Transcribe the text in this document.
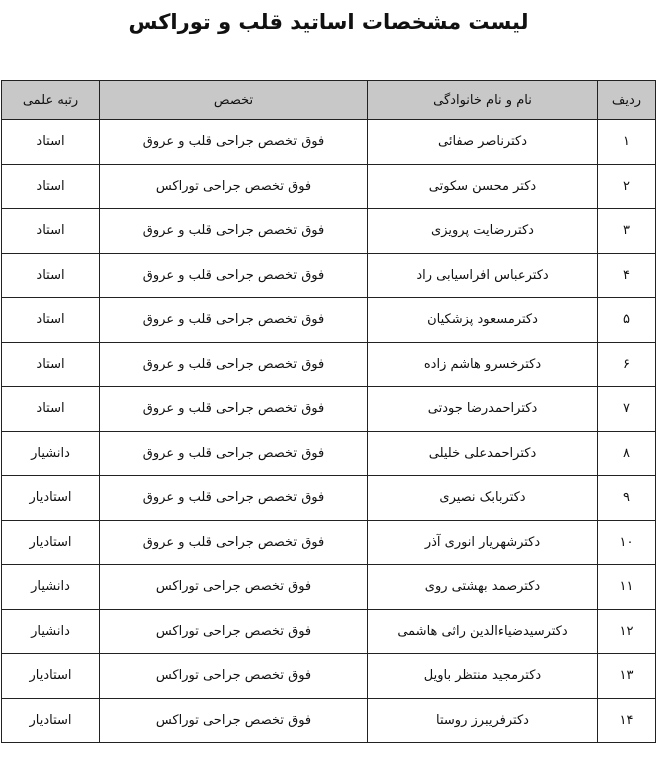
لیست مشخصات اساتید قلب و توراکس
ردیف	نام و نام خانوادگی	تخصص	رتبه علمی
۱	دکترناصر صفائی	فوق تخصص جراحی قلب و عروق	استاد
۲	دکتر محسن سکوتی	فوق تخصص جراحی توراکس	استاد
۳	دکتررضایت پرویزی	فوق تخصص جراحی قلب و عروق	استاد
۴	دکترعباس افراسیابی راد	فوق تخصص جراحی قلب و عروق	استاد
۵	دکترمسعود پزشکیان	فوق تخصص جراحی قلب و عروق	استاد
۶	دکترخسرو هاشم زاده	فوق تخصص جراحی قلب و عروق	استاد
۷	دکتراحمدرضا جودتی	فوق تخصص جراحی قلب و عروق	استاد
۸	دکتراحمدعلی خلیلی	فوق تخصص جراحی قلب و عروق	دانشیار
۹	دکتربابک نصیری	فوق تخصص جراحی قلب و عروق	استادیار
۱۰	دکترشهریار انوری آذر	فوق تخصص جراحی قلب و عروق	استادیار
۱۱	دکترصمد بهشتی روی	فوق تخصص جراحی توراکس	دانشیار
۱۲	دکترسیدضیاءالدین راثی هاشمی	فوق تخصص جراحی توراکس	دانشیار
۱۳	دکترمجید منتظر باویل	فوق تخصص جراحی توراکس	استادیار
۱۴	دکترفریبرز روستا	فوق تخصص جراحی توراکس	استادیار
